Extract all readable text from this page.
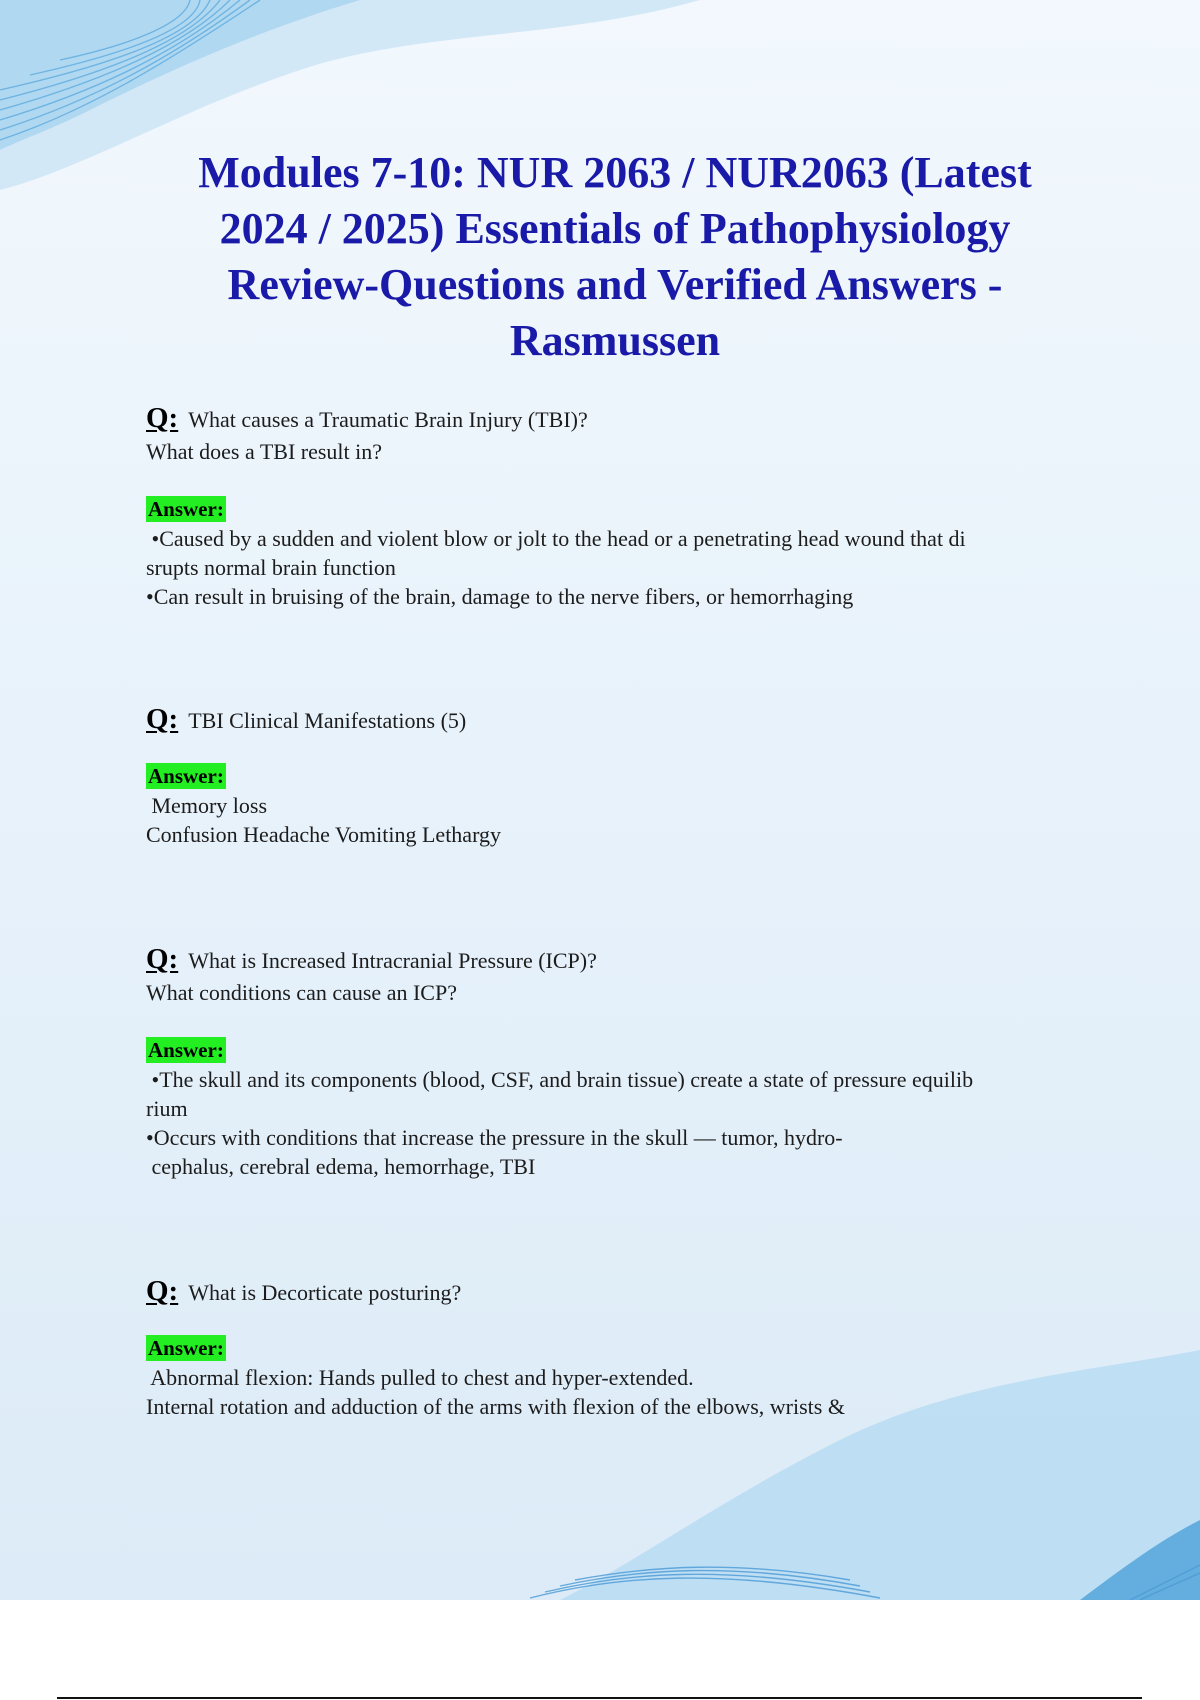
Modules 7-10: NUR 2063 / NUR2063 (Latest
2024 / 2025) Essentials of Pathophysiology
Review-Questions and Verified Answers -
Rasmussen
Q: What causes a Traumatic Brain Injury (TBI)?
What does a TBI result in?
Answer:
•Caused by a sudden and violent blow or jolt to the head or a penetrating head wound that di
srupts normal brain function
•Can result in bruising of the brain, damage to the nerve fibers, or hemorrhaging
Q: TBI Clinical Manifestations (5)
Answer:
Memory loss
Confusion Headache Vomiting Lethargy
Q: What is Increased Intracranial Pressure (ICP)?
What conditions can cause an ICP?
Answer:
•The skull and its components (blood, CSF, and brain tissue) create a state of pressure equilib
rium
•Occurs with conditions that increase the pressure in the skull — tumor, hydro-
cephalus, cerebral edema, hemorrhage, TBI
Q: What is Decorticate posturing?
Answer:
Abnormal flexion: Hands pulled to chest and hyper-extended.
Internal rotation and adduction of the arms with flexion of the elbows, wrists &
